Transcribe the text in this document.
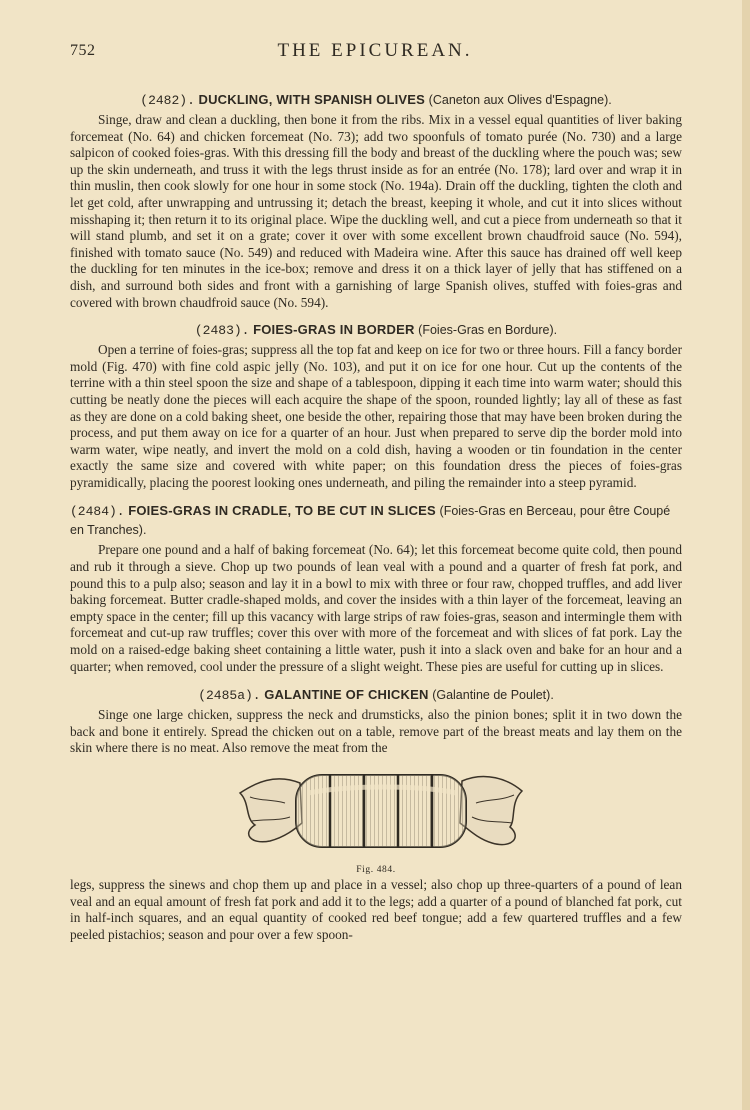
752	THE EPICUREAN.
(2482). DUCKLING, WITH SPANISH OLIVES (Caneton aux Olives d'Espagne).

Singe, draw and clean a duckling, then bone it from the ribs. Mix in a vessel equal quantities of liver baking forcemeat (No. 64) and chicken forcemeat (No. 73); add two spoonfuls of tomato purée (No. 730) and a large salpicon of cooked foies-gras. With this dressing fill the body and breast of the duckling where the pouch was; sew up the skin underneath, and truss it with the legs thrust inside as for an entrée (No. 178); lard over and wrap it in thin muslin, then cook slowly for one hour in some stock (No. 194a). Drain off the duckling, tighten the cloth and let get cold, after unwrapping and untrussing it; detach the breast, keeping it whole, and cut it into slices without misshaping it; then return it to its original place. Wipe the duckling well, and cut a piece from underneath so that it will stand plumb, and set it on a grate; cover it over with some excellent brown chaudfroid sauce (No. 594), finished with tomato sauce (No. 549) and reduced with Madeira wine. After this sauce has drained off well keep the duckling for ten minutes in the ice-box; remove and dress it on a thick layer of jelly that has stiffened on a dish, and surround both sides and front with a garnishing of large Spanish olives, stuffed with foies-gras and covered with brown chaudfroid sauce (No. 594).

(2483). FOIES-GRAS IN BORDER (Foies-Gras en Bordure).

Open a terrine of foies-gras; suppress all the top fat and keep on ice for two or three hours. Fill a fancy border mold (Fig. 470) with fine cold aspic jelly (No. 103), and put it on ice for one hour. Cut up the contents of the terrine with a thin steel spoon the size and shape of a tablespoon, dipping it each time into warm water; should this cutting be neatly done the pieces will each acquire the shape of the spoon, rounded lightly; lay all of these as fast as they are done on a cold baking sheet, one beside the other, repairing those that may have been broken during the process, and put them away on ice for a quarter of an hour. Just when prepared to serve dip the border mold into warm water, wipe neatly, and invert the mold on a cold dish, having a wooden or tin foundation in the center exactly the same size and covered with white paper; on this foundation dress the pieces of foies-gras pyramidically, placing the poorest looking ones underneath, and piling the remainder into a steep pyramid.

(2484). FOIES-GRAS IN CRADLE, TO BE CUT IN SLICES (Foies-Gras en Berceau, pour être Coupé en Tranches).

Prepare one pound and a half of baking forcemeat (No. 64); let this forcemeat become quite cold, then pound and rub it through a sieve. Chop up two pounds of lean veal with a pound and a quarter of fresh fat pork, and pound this to a pulp also; season and lay it in a bowl to mix with three or four raw, chopped truffles, and add liver baking forcemeat. Butter cradle-shaped molds, and cover the insides with a thin layer of the forcemeat, leaving an empty space in the center; fill up this vacancy with large strips of raw foies-gras, season and intermingle them with forcemeat and cut-up raw truffles; cover this over with more of the forcemeat and with slices of fat pork. Lay the mold on a raised-edge baking sheet containing a little water, push it into a slack oven and bake for an hour and a quarter; when removed, cool under the pressure of a slight weight. These pies are useful for cutting up in slices.

(2485a). GALANTINE OF CHICKEN (Galantine de Poulet).

Singe one large chicken, suppress the neck and drumsticks, also the pinion bones; split it in two down the back and bone it entirely. Spread the chicken out on a table, remove part of the breast meats and lay them on the skin where there is no meat. Also remove the meat from the

Fig. 484.

legs, suppress the sinews and chop them up and place in a vessel; also chop up three-quarters of a pound of lean veal and an equal amount of fresh fat pork and add it to the legs; add a quarter of a pound of blanched fat pork, cut in half-inch squares, and an equal quantity of cooked red beef tongue; add a few quartered truffles and a few peeled pistachios; season and pour over a few spoon-
